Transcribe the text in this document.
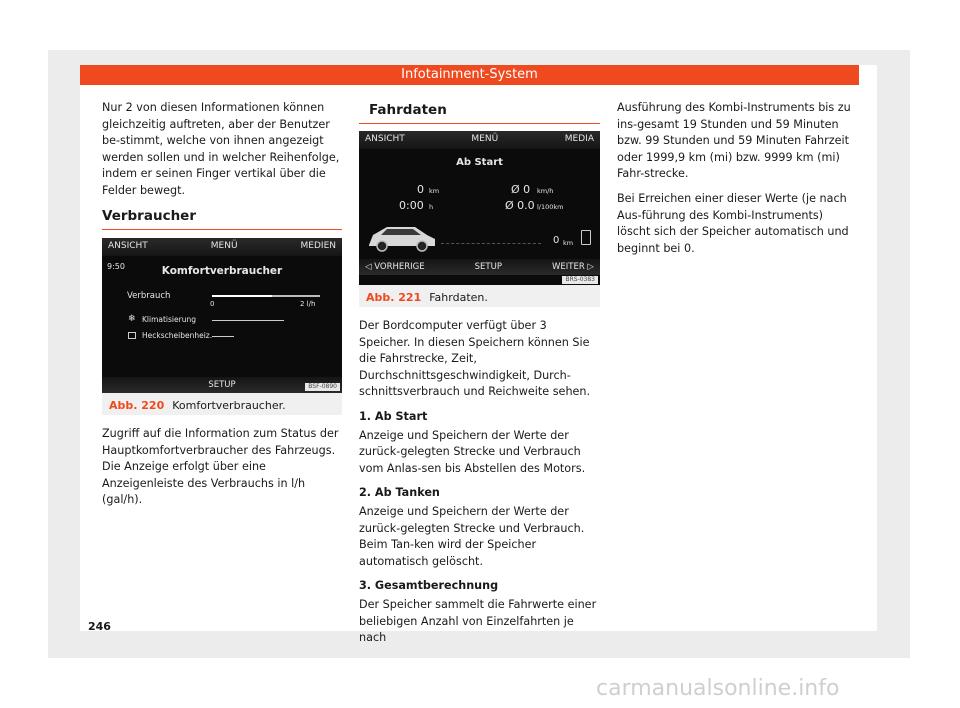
Infotainment-System

Nur 2 von diesen Informationen können gleichzeitig auftreten, aber der Benutzer be-stimmt, welche von ihnen angezeigt werden sollen und in welcher Reihenfolge, indem er seinen Finger vertikal über die Felder bewegt.

Verbraucher
ANSICHT	MENÜ	MEDIEN
9:50	Komfortverbraucher
Verbrauch
0	2 l/h
❄ Klimatisierung
Heckscheibenheiz.
SETUP	BSF-0890
Abb. 220 Komfortverbraucher.

Zugriff auf die Information zum Status der Hauptkomfortverbraucher des Fahrzeugs. Die Anzeige erfolgt über eine Anzeigenleiste des Verbrauchs in l/h (gal/h).

Fahrdaten
ANSICHT	MENÜ	MEDIA
Ab Start
0 km
0:00 h
Ø 0 km/h
Ø 0.0 l/100km
0 km
◁ VORHERIGE	SETUP	WEITER ▷
BRS-0383
Abb. 221 Fahrdaten.

Der Bordcomputer verfügt über 3 Speicher. In diesen Speichern können Sie die Fahrstrecke, Zeit, Durchschnittsgeschwindigkeit, Durch-schnittsverbrauch und Reichweite sehen.

1. Ab Start

Anzeige und Speichern der Werte der zurück-gelegten Strecke und Verbrauch vom Anlas-sen bis Abstellen des Motors.

2. Ab Tanken

Anzeige und Speichern der Werte der zurück-gelegten Strecke und Verbrauch. Beim Tan-ken wird der Speicher automatisch gelöscht.

3. Gesamtberechnung

Der Speicher sammelt die Fahrwerte einer beliebigen Anzahl von Einzelfahrten je nach

Ausführung des Kombi-Instruments bis zu ins-gesamt 19 Stunden und 59 Minuten bzw. 99 Stunden und 59 Minuten Fahrzeit oder 1999,9 km (mi) bzw. 9999 km (mi) Fahr-strecke.

Bei Erreichen einer dieser Werte (je nach Aus-führung des Kombi-Instruments) löscht sich der Speicher automatisch und beginnt bei 0.

246
carmanualsonline.info
